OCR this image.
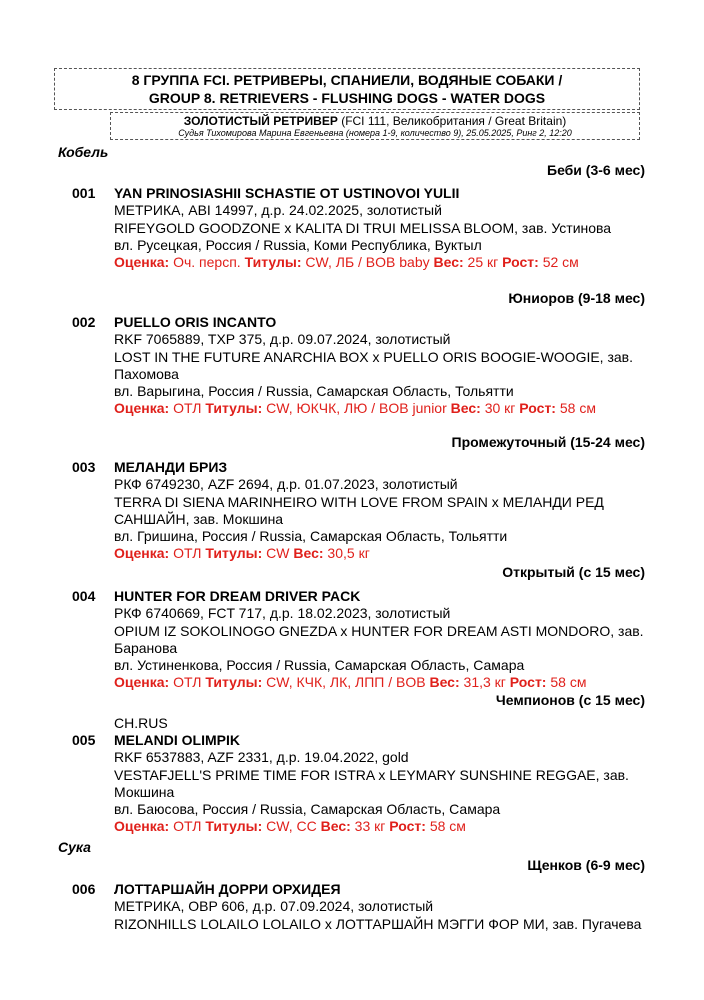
8 ГРУППА FCI. РЕТРИВЕРЫ, СПАНИЕЛИ, ВОДЯНЫЕ СОБАКИ /
GROUP 8. RETRIEVERS - FLUSHING DOGS - WATER DOGS
ЗОЛОТИСТЫЙ РЕТРИВЕР (FCI 111, Великобритания / Great Britain)
Судья Тихомирова Марина Евгеньевна (номера 1-9, количество 9), 25.05.2025, Ринг 2, 12:20
Кобель
Беби (3-6 мес)
001 YAN PRINOSIASHII SCHASTIE OT USTINOVOI YULII
МЕТРИКА, ABI 14997, д.р. 24.02.2025, золотистый
RIFEYGOLD GOODZONE x KALITA DI TRUI MELISSA BLOOM, зав. Устинова
вл. Русецкая, Россия / Russia, Коми Республика, Вуктыл
Оценка: Оч. персп. Титулы: CW, ЛБ / BOB baby Вес: 25 кг Рост: 52 см
Юниоров (9-18 мес)
002 PUELLO ORIS INCANTO
RKF 7065889, TXP 375, д.р. 09.07.2024, золотистый
LOST IN THE FUTURE ANARCHIA BOX x PUELLO ORIS BOOGIE-WOOGIE, зав. Пахомова
вл. Варыгина, Россия / Russia, Самарская Область, Тольятти
Оценка: ОТЛ Титулы: CW, ЮКЧК, ЛЮ / BOB junior Вес: 30 кг Рост: 58 см
Промежуточный (15-24 мес)
003 МЕЛАНДИ БРИЗ
РКФ 6749230, AZF 2694, д.р. 01.07.2023, золотистый
TERRA DI SIENA MARINHEIRO WITH LOVE FROM SPAIN x МЕЛАНДИ РЕД САНШАЙН, зав. Мокшина
вл. Гришина, Россия / Russia, Самарская Область, Тольятти
Оценка: ОТЛ Титулы: CW Вес: 30,5 кг
Открытый (с 15 мес)
004 HUNTER FOR DREAM DRIVER PACK
РКФ 6740669, FCT 717, д.р. 18.02.2023, золотистый
OPIUM IZ SOKOLINOGO GNEZDA x HUNTER FOR DREAM ASTI MONDORO, зав. Баранова
вл. Устиненкова, Россия / Russia, Самарская Область, Самара
Оценка: ОТЛ Титулы: CW, КЧК, ЛК, ЛПП / BOB Вес: 31,3 кг Рост: 58 см
Чемпионов (с 15 мес)
CH.RUS
005 MELANDI OLIMPIK
RKF 6537883, AZF 2331, д.р. 19.04.2022, gold
VESTAFJELL'S PRIME TIME FOR ISTRA x LEYMARY SUNSHINE REGGAE, зав. Мокшина
вл. Баюсова, Россия / Russia, Самарская Область, Самара
Оценка: ОТЛ Титулы: CW, CC Вес: 33 кг Рост: 58 см
Сука
Щенков (6-9 мес)
006 ЛОТТАРШАЙН ДОРРИ ОРХИДЕЯ
МЕТРИКА, OBP 606, д.р. 07.09.2024, золотистый
RIZONHILLS LOLAILO LOLAILO x ЛОТТАРШАЙН МЭГГИ ФОР МИ, зав. Пугачева
